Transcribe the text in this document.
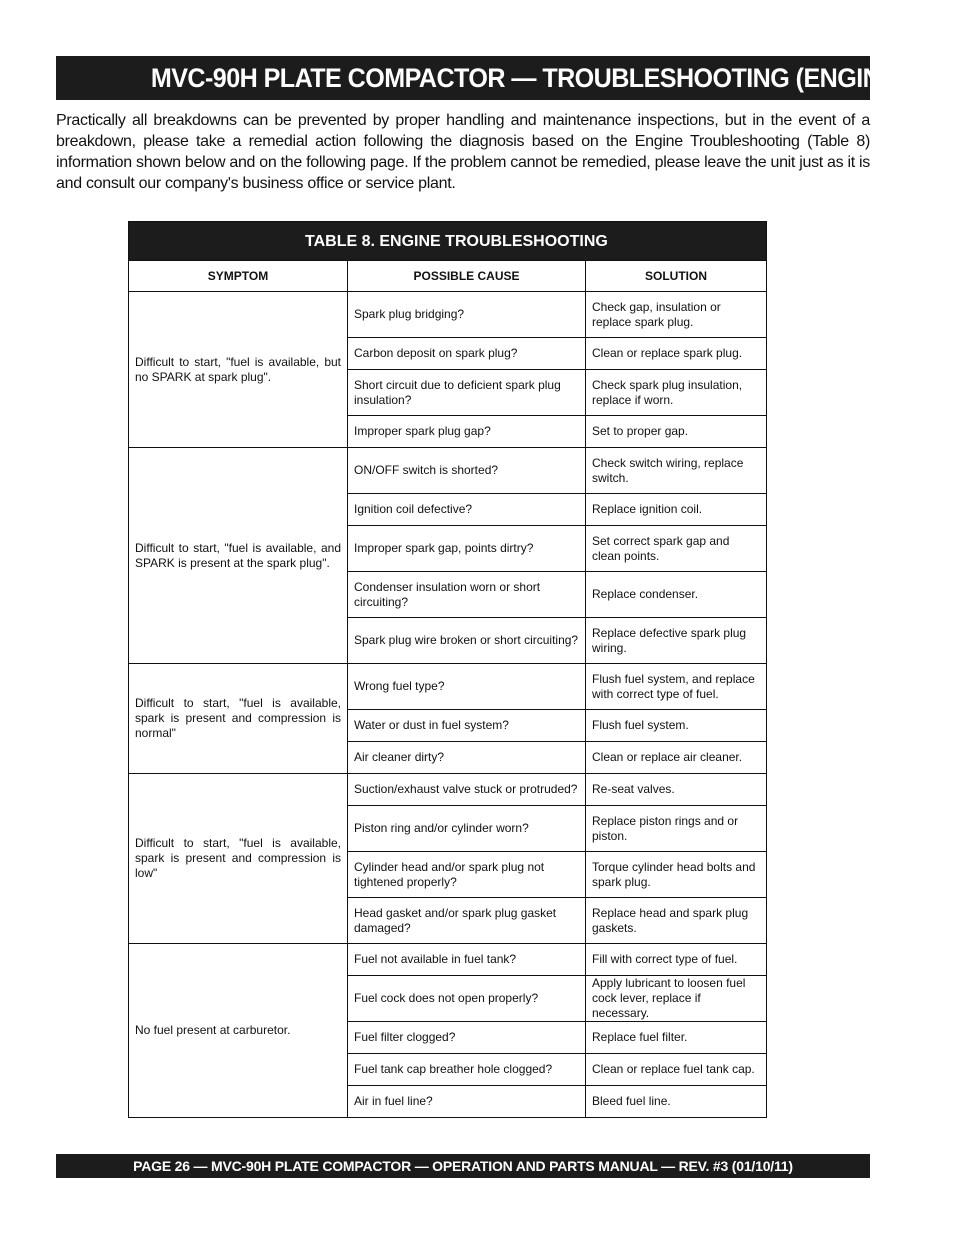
MVC-90H PLATE COMPACTOR — TROUBLESHOOTING (ENGINE)

Practically all breakdowns can be prevented by proper handling and maintenance inspections, but in the event of a breakdown, please take a remedial action following the diagnosis based on the Engine Troubleshooting (Table 8) information shown below and on the following page. If the problem cannot be remedied, please leave the unit just as it is and consult our company's business office or service plant.

TABLE 8. ENGINE TROUBLESHOOTING		
SYMPTOM	POSSIBLE CAUSE	SOLUTION
Difficult to start, "fuel is available, but no SPARK at spark plug".	Spark plug bridging?	Check gap, insulation or replace spark plug.
	Carbon deposit on spark plug?	Clean or replace spark plug.
	Short circuit due to deficient spark plug insulation?	Check spark plug insulation, replace if worn.
	Improper spark plug gap?	Set to proper gap.
Difficult to start, "fuel is available, and SPARK is present at the spark plug".	ON/OFF switch is shorted?	Check switch wiring, replace switch.
	Ignition coil defective?	Replace ignition coil.
	Improper spark gap, points dirtry?	Set correct spark gap and clean points.
	Condenser insulation worn or short circuiting?	Replace condenser.
	Spark plug wire broken or short circuiting?	Replace defective spark plug wiring.
Difficult to start, "fuel is available, spark is present and compression is normal"	Wrong fuel type?	Flush fuel system, and replace with correct type of fuel.
	Water or dust in fuel system?	Flush fuel system.
	Air cleaner dirty?	Clean or replace air cleaner.
Difficult to start, "fuel is available, spark is present and compression is low"	Suction/exhaust valve stuck or protruded?	Re-seat valves.
	Piston ring and/or cylinder worn?	Replace piston rings and or piston.
	Cylinder head and/or spark plug not tightened properly?	Torque cylinder head bolts and spark plug.
	Head gasket and/or spark plug gasket damaged?	Replace head and spark plug gaskets.
No fuel present at carburetor.	Fuel not available in fuel tank?	Fill with correct type of fuel.
	Fuel cock does not open properly?	Apply lubricant to loosen fuel cock lever, replace if necessary.
	Fuel filter clogged?	Replace fuel filter.
	Fuel tank cap breather hole clogged?	Clean or replace fuel tank cap.
	Air in fuel line?	Bleed fuel line.
PAGE 26 — MVC-90H PLATE COMPACTOR — OPERATION AND PARTS MANUAL — REV. #3 (01/10/11)
